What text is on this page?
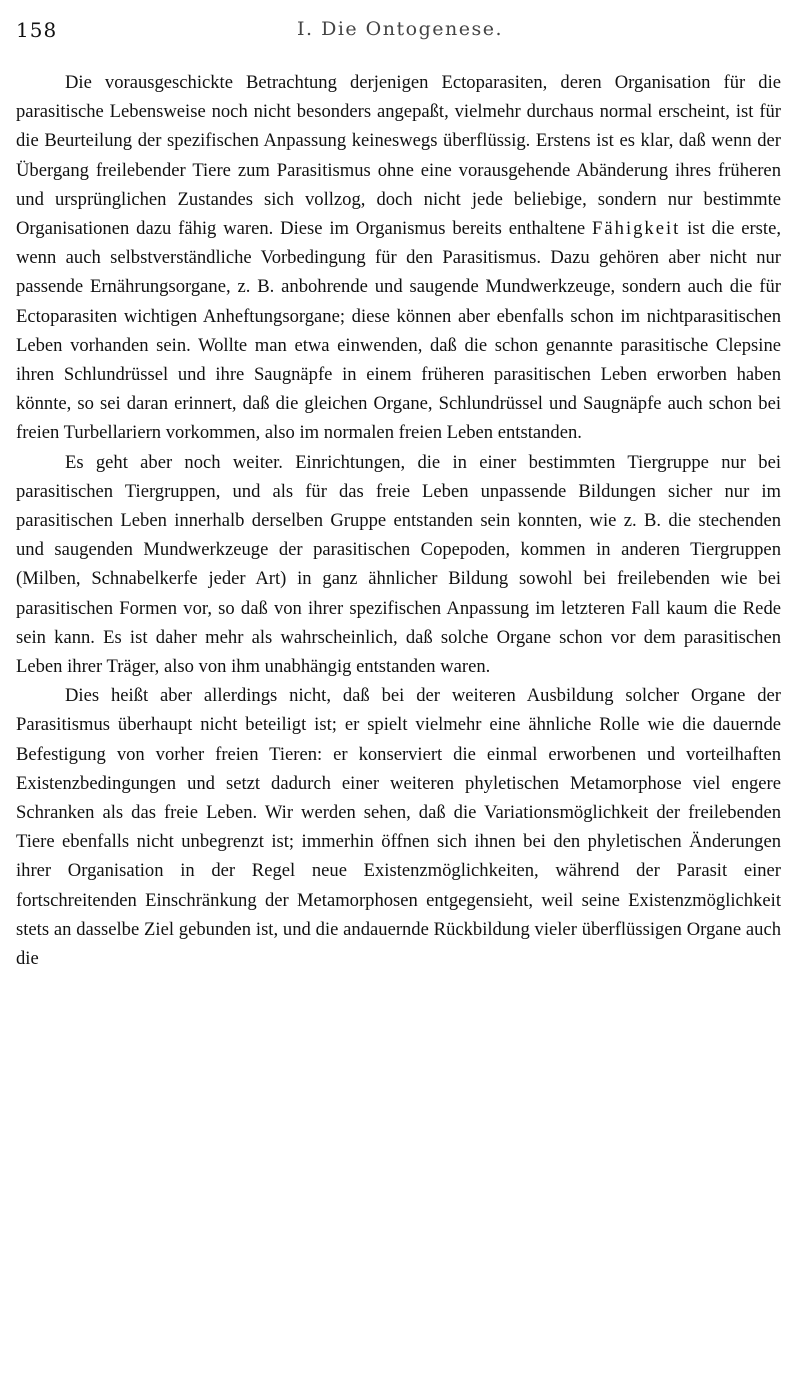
158	I. Die Ontogenese.

Die vorausgeschickte Betrachtung derjenigen Ectoparasiten, deren Organisation für die parasitische Lebensweise noch nicht besonders angepaßt, vielmehr durchaus normal erscheint, ist für die Beurteilung der spezifischen Anpassung keineswegs überflüssig. Erstens ist es klar, daß wenn der Übergang freilebender Tiere zum Parasitismus ohne eine vorausgehende Abänderung ihres früheren und ursprünglichen Zustandes sich vollzog, doch nicht jede beliebige, sondern nur bestimmte Organisationen dazu fähig waren. Diese im Organismus bereits enthaltene Fähigkeit ist die erste, wenn auch selbstverständliche Vorbedingung für den Parasitismus. Dazu gehören aber nicht nur passende Ernährungsorgane, z. B. anbohrende und saugende Mundwerkzeuge, sondern auch die für Ectoparasiten wichtigen Anheftungsorgane; diese können aber ebenfalls schon im nichtparasitischen Leben vorhanden sein. Wollte man etwa einwenden, daß die schon genannte parasitische Clepsine ihren Schlundrüssel und ihre Saugnäpfe in einem früheren parasitischen Leben erworben haben könnte, so sei daran erinnert, daß die gleichen Organe, Schlundrüssel und Saugnäpfe auch schon bei freien Turbellariern vorkommen, also im normalen freien Leben entstanden.

Es geht aber noch weiter. Einrichtungen, die in einer bestimmten Tiergruppe nur bei parasitischen Tiergruppen, und als für das freie Leben unpassende Bildungen sicher nur im parasitischen Leben innerhalb derselben Gruppe entstanden sein konnten, wie z. B. die stechenden und saugenden Mundwerkzeuge der parasitischen Copepoden, kommen in anderen Tiergruppen (Milben, Schnabelkerfe jeder Art) in ganz ähnlicher Bildung sowohl bei freilebenden wie bei parasitischen Formen vor, so daß von ihrer spezifischen Anpassung im letzteren Fall kaum die Rede sein kann. Es ist daher mehr als wahrscheinlich, daß solche Organe schon vor dem parasitischen Leben ihrer Träger, also von ihm unabhängig entstanden waren.

Dies heißt aber allerdings nicht, daß bei der weiteren Ausbildung solcher Organe der Parasitismus überhaupt nicht beteiligt ist; er spielt vielmehr eine ähnliche Rolle wie die dauernde Befestigung von vorher freien Tieren: er konserviert die einmal erworbenen und vorteilhaften Existenzbedingungen und setzt dadurch einer weiteren phyletischen Metamorphose viel engere Schranken als das freie Leben. Wir werden sehen, daß die Variationsmöglichkeit der freilebenden Tiere ebenfalls nicht unbegrenzt ist; immerhin öffnen sich ihnen bei den phyletischen Änderungen ihrer Organisation in der Regel neue Existenzmöglichkeiten, während der Parasit einer fortschreitenden Einschränkung der Metamorphosen entgegensieht, weil seine Existenzmöglichkeit stets an dasselbe Ziel gebunden ist, und die andauernde Rückbildung vieler überflüssigen Organe auch die
